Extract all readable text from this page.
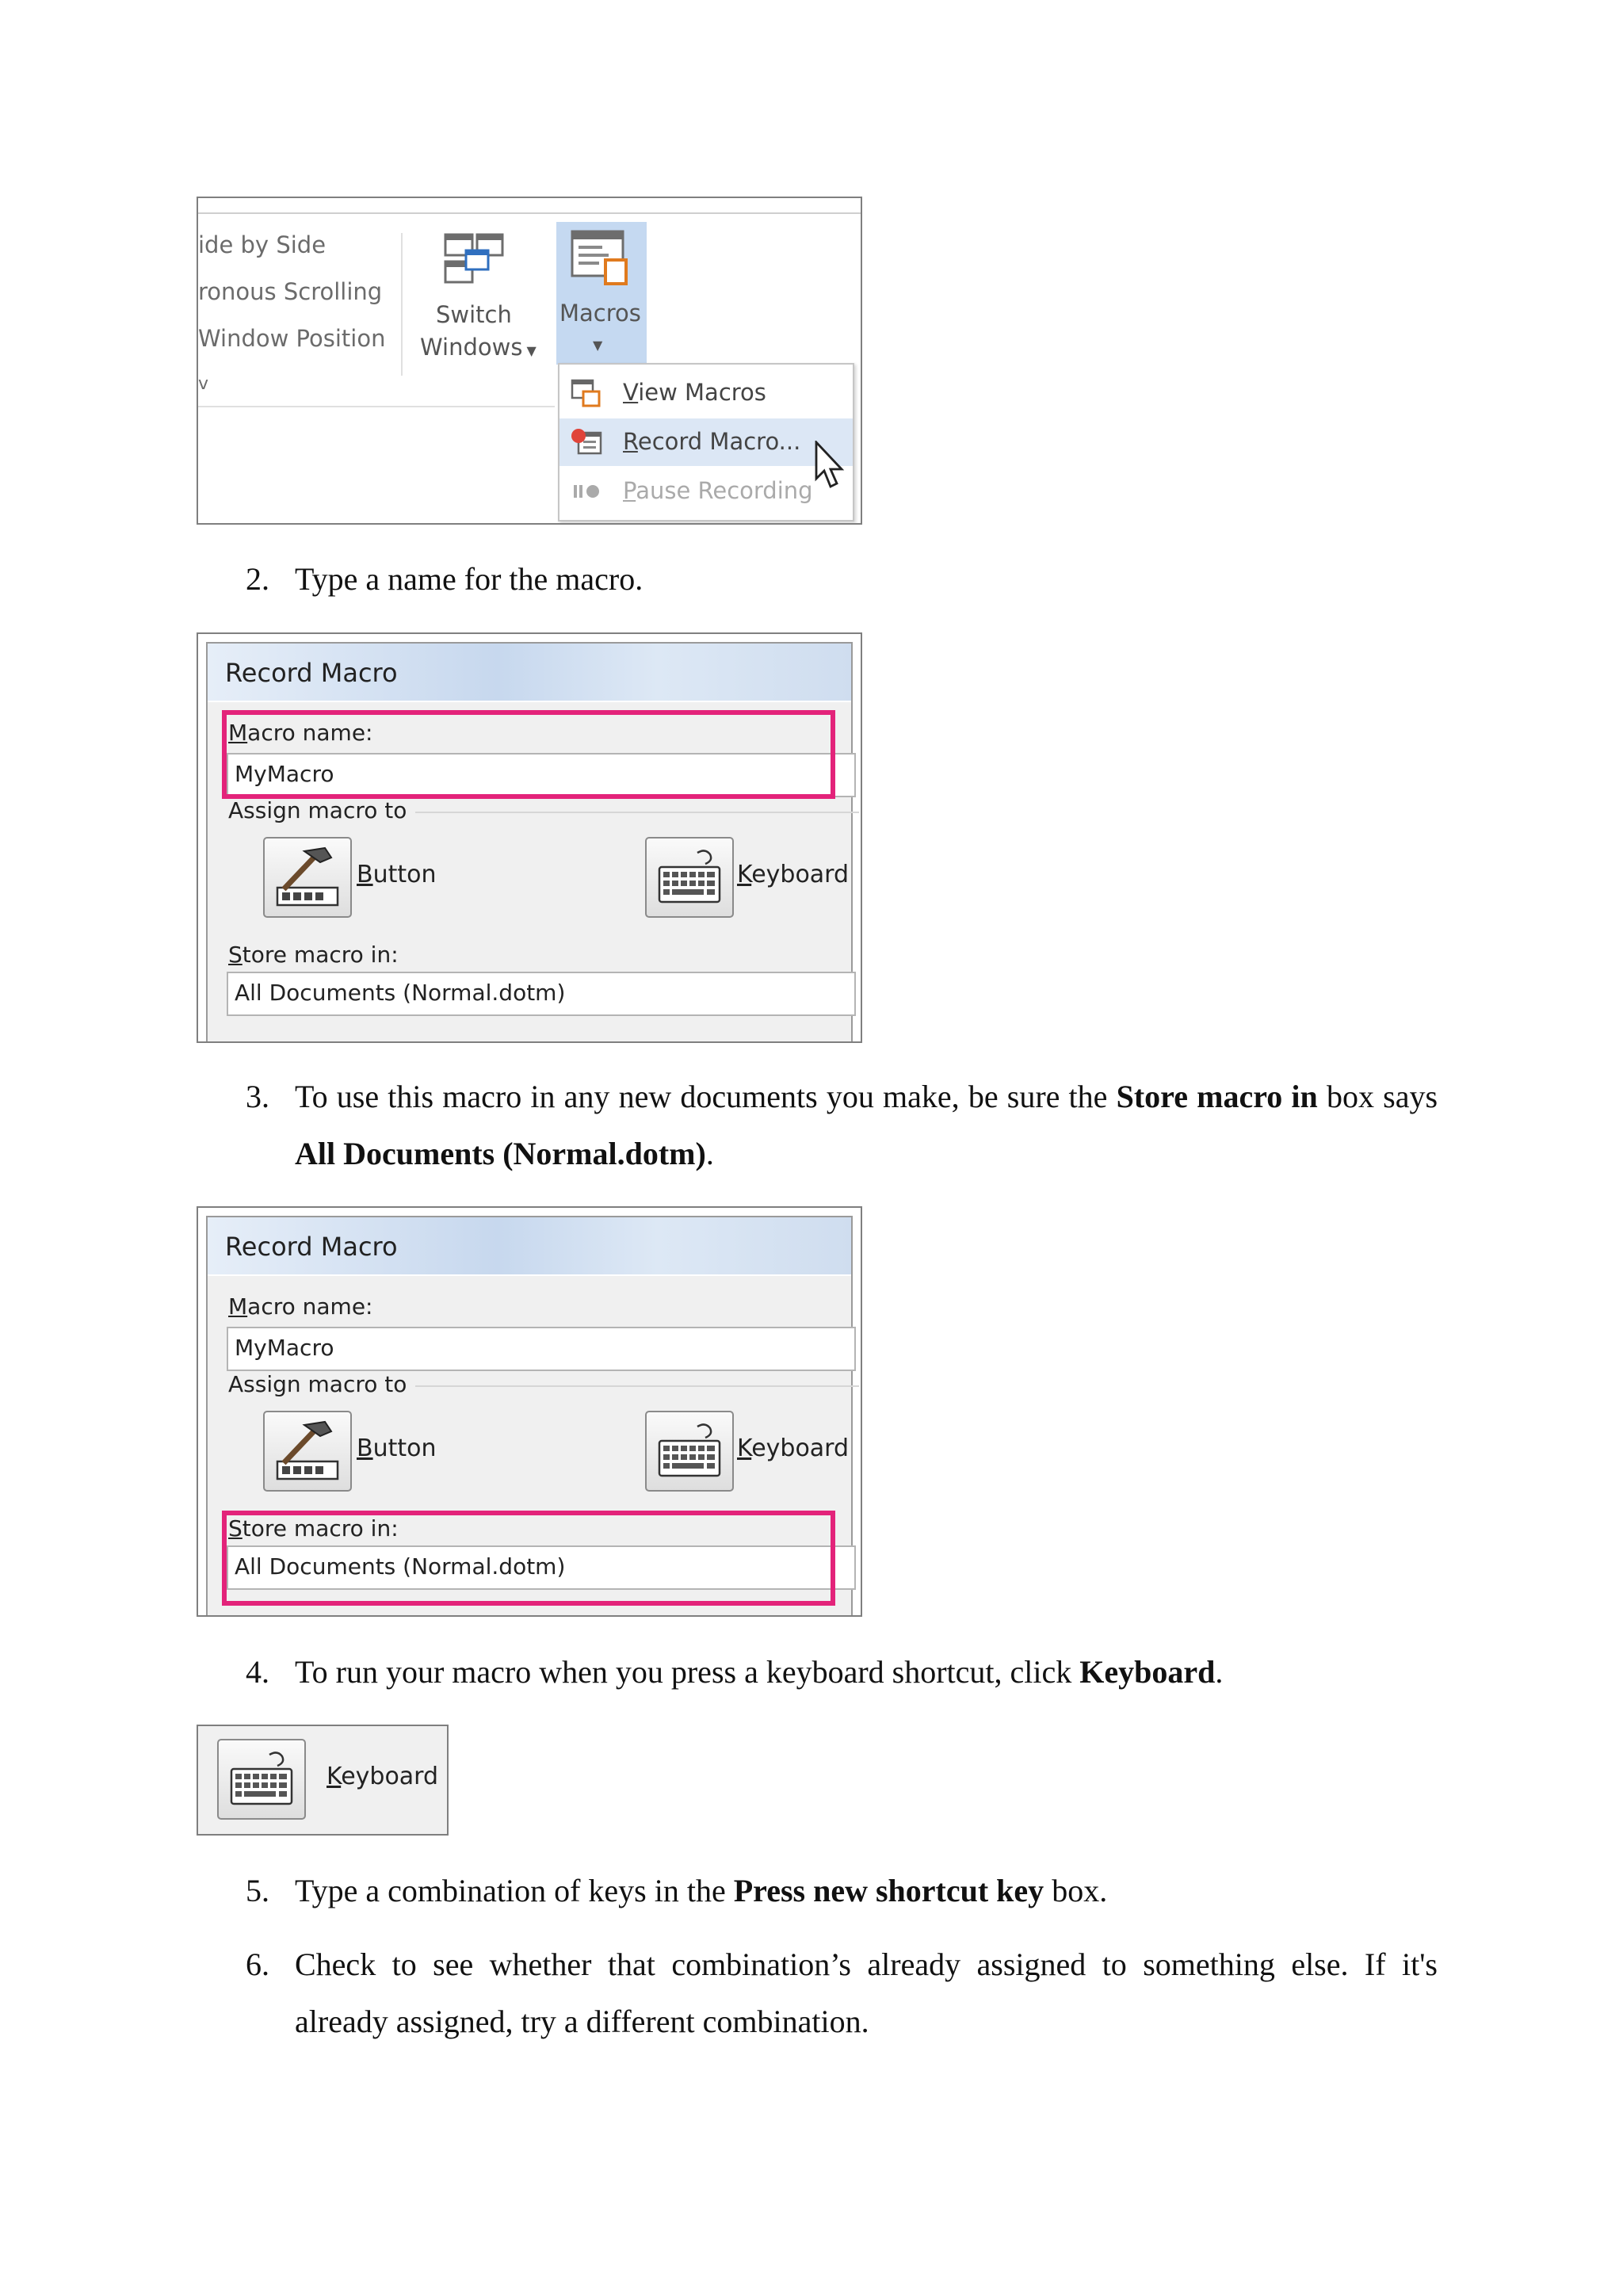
ide by Side
ronous Scrolling
Window Position
v
Switch
Windows ▼
Macros
▼
View Macros
Record Macro...
Pause Recording
2. Type a name for the macro.
Record Macro
Macro name:
MyMacro
Assign macro to
Button	Keyboard
Store macro in:
All Documents (Normal.dotm)
3. To use this macro in any new documents you make, be sure the Store macro in box says All Documents (Normal.dotm).
Record Macro
Macro name:
MyMacro
Assign macro to
Button	Keyboard
Store macro in:
All Documents (Normal.dotm)
4. To run your macro when you press a keyboard shortcut, click Keyboard.
Keyboard
5. Type a combination of keys in the Press new shortcut key box.
6. Check to see whether that combination’s already assigned to something else. If it's already assigned, try a different combination.
